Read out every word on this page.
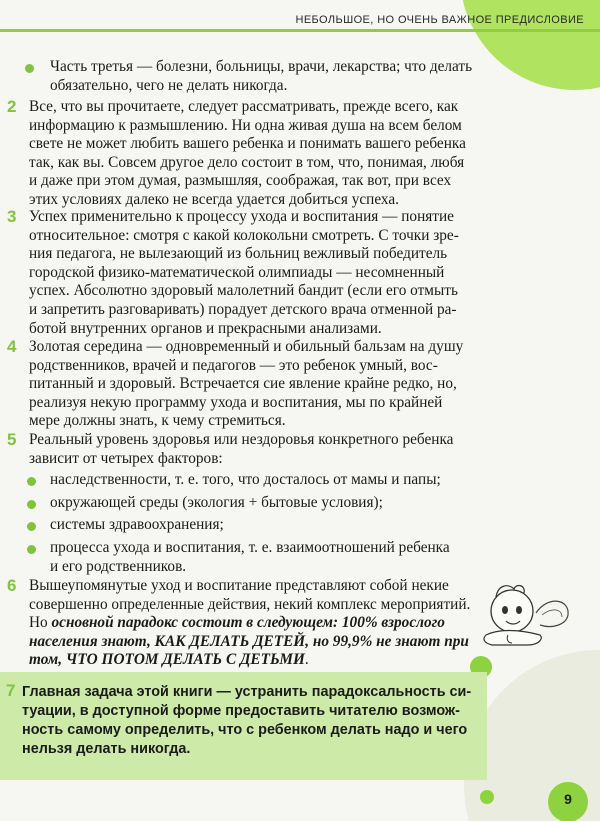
НЕБОЛЬШОЕ, НО ОЧЕНЬ ВАЖНОЕ ПРЕДИСЛОВИЕ
Часть третья — болезни, больницы, врачи, лекарства; что делать
обязательно, чего не делать никогда.
2 Все, что вы прочитаете, следует рассматривать, прежде всего, как
информацию к размышлению. Ни одна живая душа на всем белом
свете не может любить вашего ребенка и понимать вашего ребенка
так, как вы. Совсем другое дело состоит в том, что, понимая, любя
и даже при этом думая, размышляя, соображая, так вот, при всех
этих условиях далеко не всегда удается добиться успеха.
3 Успех применительно к процессу ухода и воспитания — понятие
относительное: смотря с какой колокольни смотреть. С точки зре-
ния педагога, не вылезающий из больниц вежливый победитель
городской физико-математической олимпиады — несомненный
успех. Абсолютно здоровый малолетний бандит (если его отмыть
и запретить разговаривать) порадует детского врача отменной ра-
ботой внутренних органов и прекрасными анализами.
4 Золотая середина — одновременный и обильный бальзам на душу
родственников, врачей и педагогов — это ребенок умный, вос-
питанный и здоровый. Встречается сие явление крайне редко, но,
реализуя некую программу ухода и воспитания, мы по крайней
мере должны знать, к чему стремиться.
5 Реальный уровень здоровья или нездоровья конкретного ребенка
зависит от четырех факторов:
наследственности, т. е. того, что досталось от мамы и папы;
окружающей среды (экология + бытовые условия);
системы здравоохранения;
процесса ухода и воспитания, т. е. взаимоотношений ребенка
и его родственников.
6 Вышеупомянутые уход и воспитание представляют собой некие
совершенно определенные действия, некий комплекс мероприятий.
Но основной парадокс состоит в следующем: 100% взрослого
населения знают, КАК ДЕЛАТЬ ДЕТЕЙ, но 99,9% не знают при
том, ЧТО ПОТОМ ДЕЛАТЬ С ДЕТЬМИ.
7 Главная задача этой книги — устранить парадоксальность си-
туации, в доступной форме предоставить читателю возмож-
ность самому определить, что с ребенком делать надо и чего
нельзя делать никогда.
9
